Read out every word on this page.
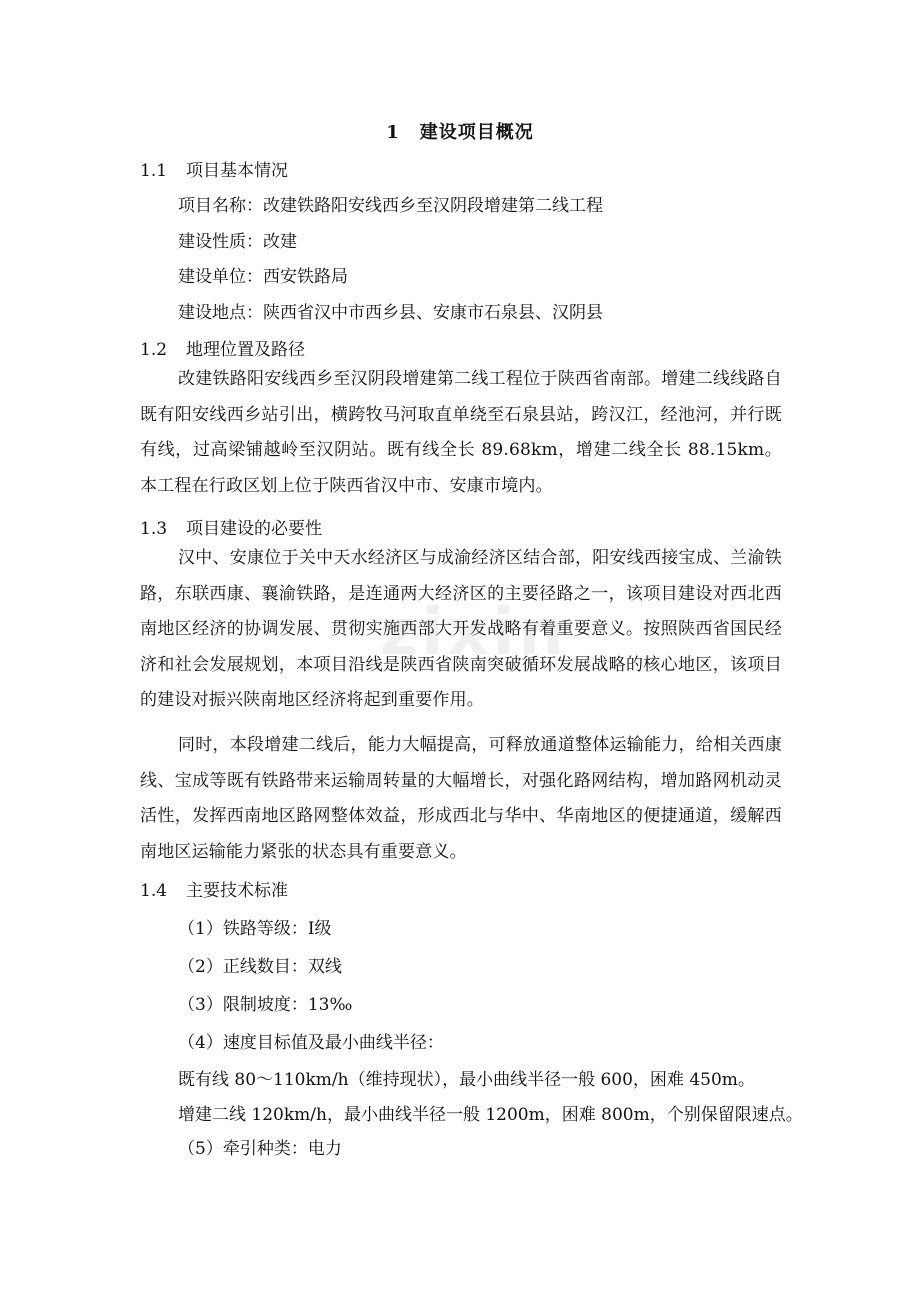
1 建设项目概况
1.1 项目基本情况
项目名称：改建铁路阳安线西乡至汉阴段增建第二线工程
建设性质：改建
建设单位：西安铁路局
建设地点：陕西省汉中市西乡县、安康市石泉县、汉阴县
1.2 地理位置及路径
改建铁路阳安线西乡至汉阴段增建第二线工程位于陕西省南部。增建二线线路自既有阳安线西乡站引出，横跨牧马河取直单绕至石泉县站，跨汉江，经池河，并行既有线，过高梁铺越岭至汉阴站。既有线全长 89.68km，增建二线全长 88.15km。本工程在行政区划上位于陕西省汉中市、安康市境内。
1.3 项目建设的必要性
汉中、安康位于关中天水经济区与成渝经济区结合部，阳安线西接宝成、兰渝铁路，东联西康、襄渝铁路，是连通两大经济区的主要径路之一，该项目建设对西北西南地区经济的协调发展、贯彻实施西部大开发战略有着重要意义。按照陕西省国民经济和社会发展规划，本项目沿线是陕西省陕南突破循环发展战略的核心地区，该项目的建设对振兴陕南地区经济将起到重要作用。
同时，本段增建二线后，能力大幅提高，可释放通道整体运输能力，给相关西康线、宝成等既有铁路带来运输周转量的大幅增长，对强化路网结构，增加路网机动灵活性，发挥西南地区路网整体效益，形成西北与华中、华南地区的便捷通道，缓解西南地区运输能力紧张的状态具有重要意义。
1.4 主要技术标准
（1）铁路等级：Ⅰ级
（2）正线数目：双线
（3）限制坡度：13‰
（4）速度目标值及最小曲线半径：
既有线 80～110km/h（维持现状），最小曲线半径一般 600，困难 450m。
增建二线 120km/h，最小曲线半径一般 1200m，困难 800m，个别保留限速点。
（5）牵引种类：电力
zixin
